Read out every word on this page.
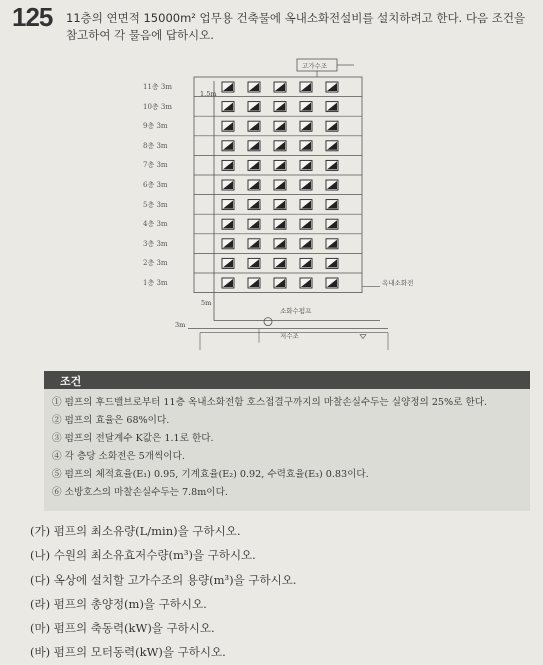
125 11층의 연면적 15000m² 업무용 건축물에 옥내소화전설비를 설치하려고 한다. 다음 조건을
참고하여 각 물음에 답하시오.
11층 3m
10층 3m
9층 3m
8층 3m
7층 3m
6층 3m
5층 3m
4층 3m
3층 3m
2층 3m
1층 3m
1.5m
고가수조
옥내소화전
5m
3m
소화수펌프
저수조
조건
① 펌프의 후드밸브로부터 11층 옥내소화전함 호스접결구까지의 마찰손실수두는 실양정의 25%로 한다.
② 펌프의 효율은 68%이다.
③ 펌프의 전달계수 K값은 1.1로 한다.
④ 각 층당 소화전은 5개씩이다.
⑤ 펌프의 체적효율(E₁) 0.95, 기계효율(E₂) 0.92, 수력효율(E₃) 0.83이다.
⑥ 소방호스의 마찰손실수두는 7.8m이다.
(가) 펌프의 최소유량(L/min)을 구하시오.
(나) 수원의 최소유효저수량(m³)을 구하시오.
(다) 옥상에 설치할 고가수조의 용량(m³)을 구하시오.
(라) 펌프의 총양정(m)을 구하시오.
(마) 펌프의 축동력(kW)을 구하시오.
(바) 펌프의 모터동력(kW)을 구하시오.
